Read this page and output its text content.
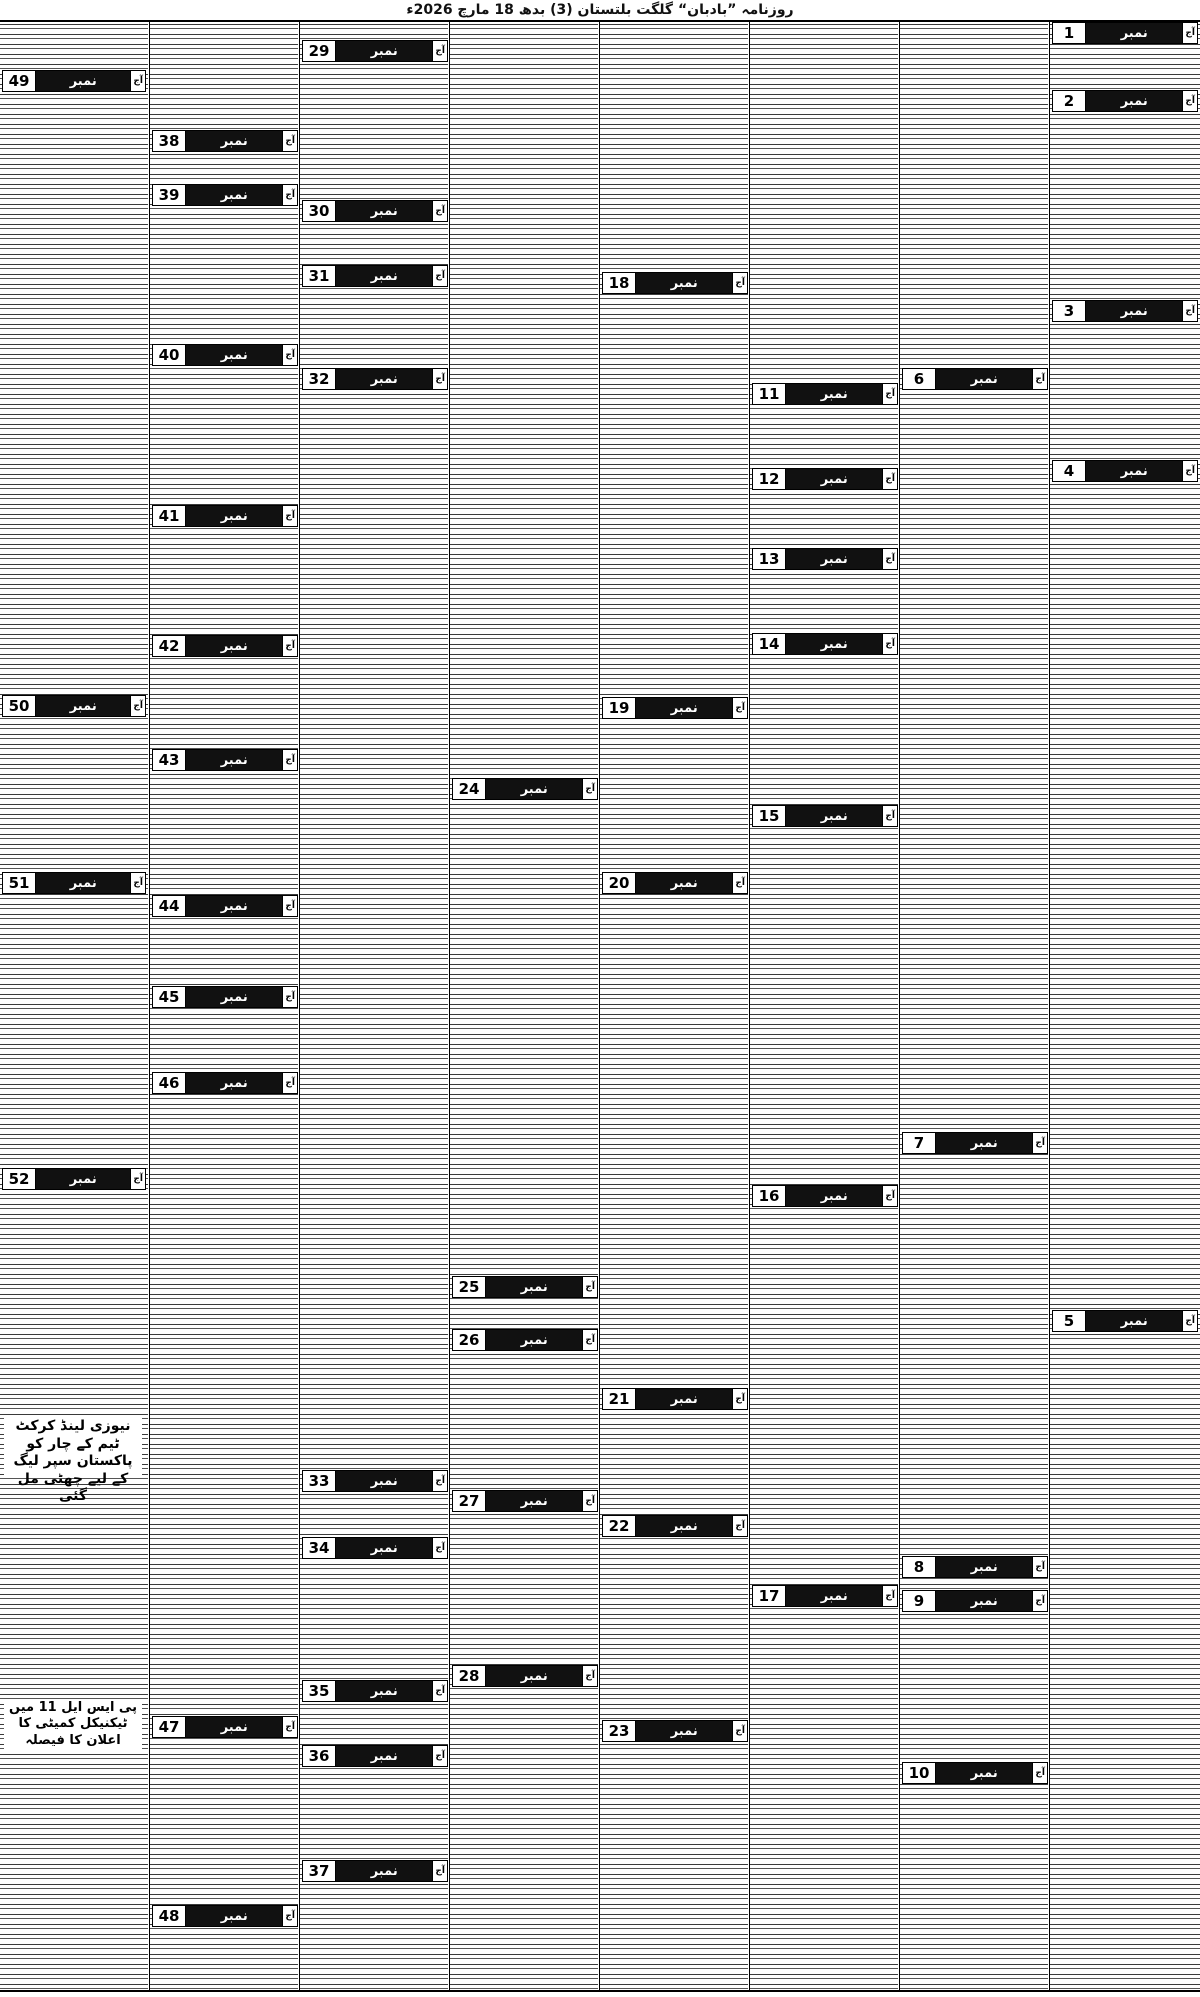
روزنامہ ”بادبان“ گلگت بلتستان (3) بدھ 18 مارچ 2026ء
نیوزی لینڈ کرکٹ ٹیم کے چار کو پاکستان سپر لیگ کے لیے چھٹی مل گئی
پی ایس ایل 11 میں ٹیکنیکل کمیٹی کا اعلان کا فیصلہ
1	نمبر	آج
2	نمبر	آج
3	نمبر	آج
4	نمبر	آج
5	نمبر	آج
6	نمبر	آج
7	نمبر	آج
8	نمبر	آج
9	نمبر	آج
10	نمبر	آج
11	نمبر	آج
12	نمبر	آج
13	نمبر	آج
14	نمبر	آج
15	نمبر	آج
16	نمبر	آج
17	نمبر	آج
18	نمبر	آج
19	نمبر	آج
20	نمبر	آج
21	نمبر	آج
22	نمبر	آج
23	نمبر	آج
24	نمبر	آج
25	نمبر	آج
26	نمبر	آج
27	نمبر	آج
28	نمبر	آج
29	نمبر	آج
30	نمبر	آج
31	نمبر	آج
32	نمبر	آج
33	نمبر	آج
34	نمبر	آج
35	نمبر	آج
36	نمبر	آج
37	نمبر	آج
38	نمبر	آج
39	نمبر	آج
40	نمبر	آج
41	نمبر	آج
42	نمبر	آج
43	نمبر	آج
44	نمبر	آج
45	نمبر	آج
46	نمبر	آج
47	نمبر	آج
48	نمبر	آج
49	نمبر	آج
50	نمبر	آج
51	نمبر	آج
52	نمبر	آج
